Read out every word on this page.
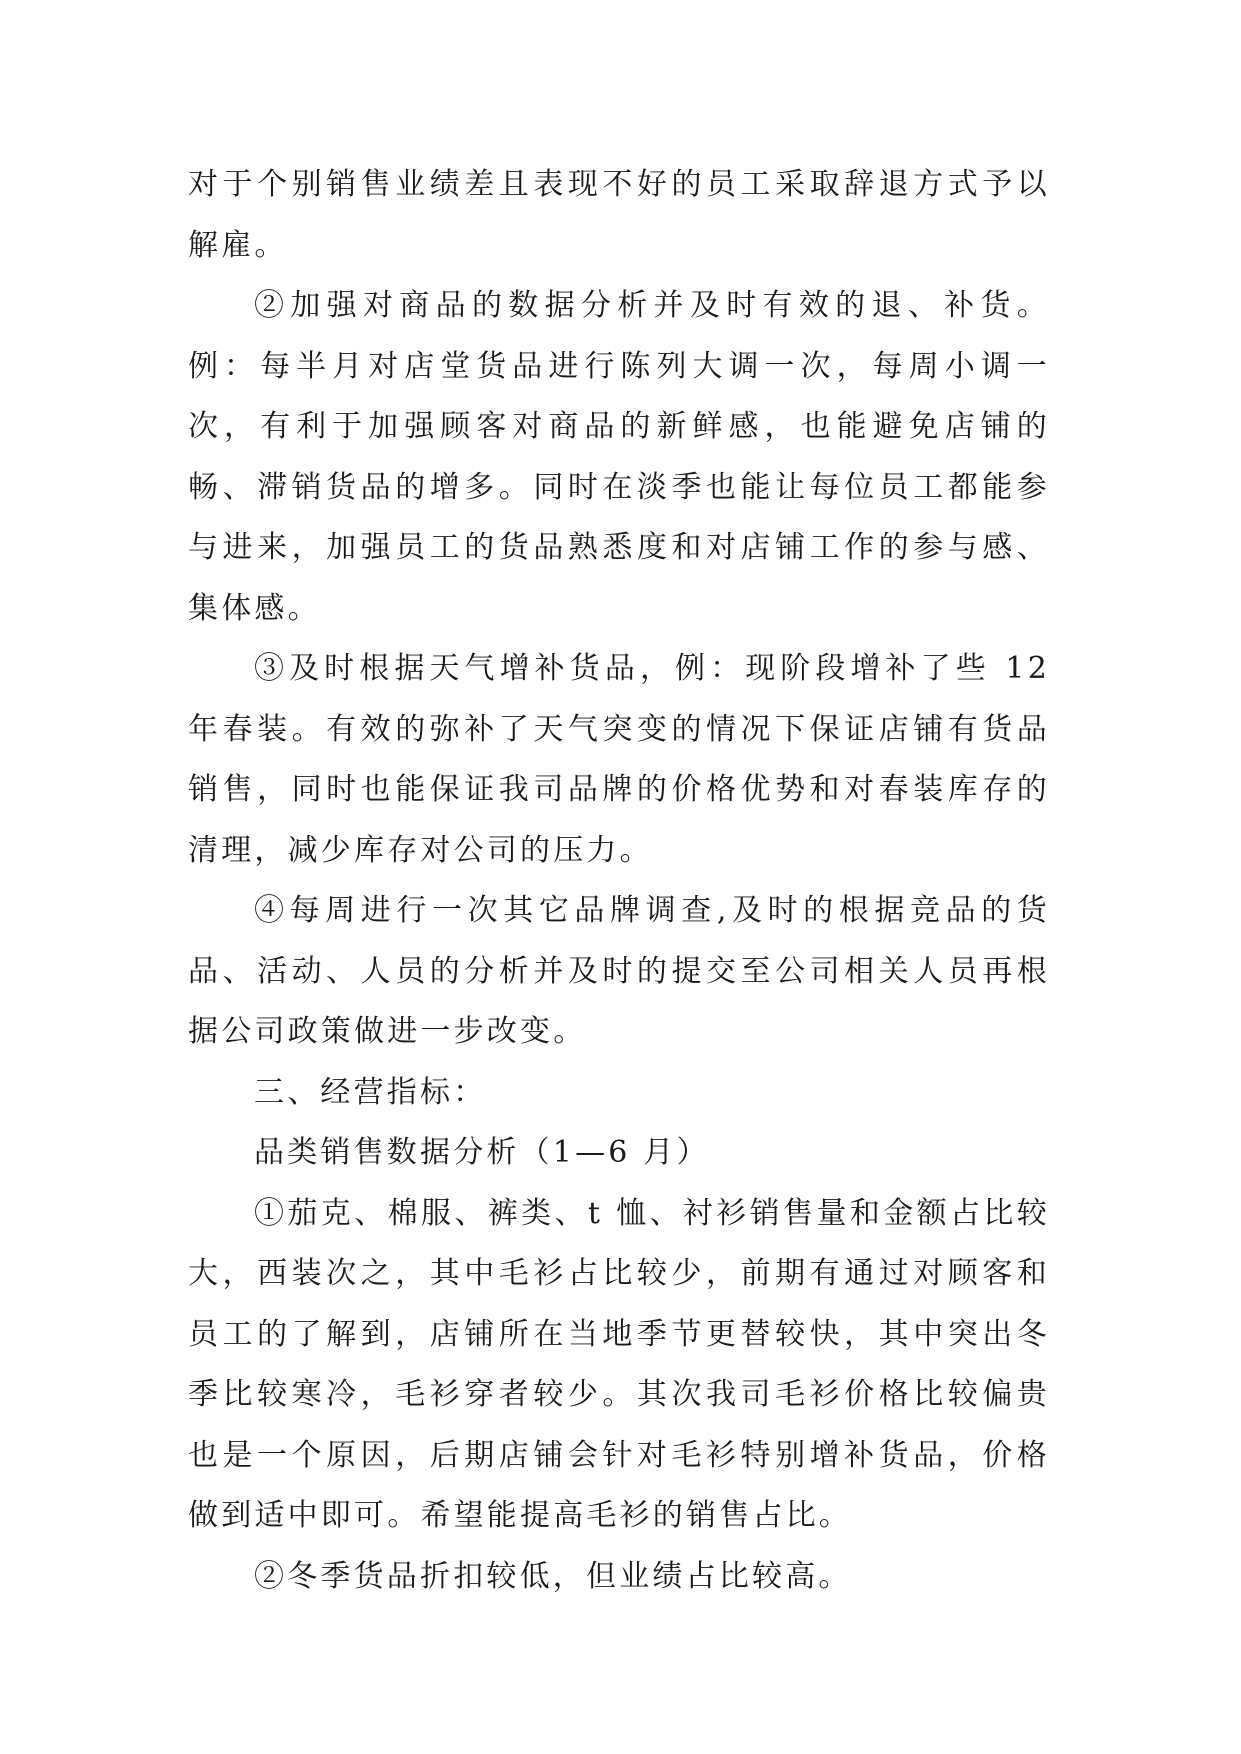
对于个别销售业绩差且表现不好的员工采取辞退方式予以解雇。

②加强对商品的数据分析并及时有效的退、补货。例：每半月对店堂货品进行陈列大调一次，每周小调一次，有利于加强顾客对商品的新鲜感，也能避免店铺的畅、滞销货品的增多。同时在淡季也能让每位员工都能参与进来，加强员工的货品熟悉度和对店铺工作的参与感、集体感。

③及时根据天气增补货品，例：现阶段增补了些 12 年春装。有效的弥补了天气突变的情况下保证店铺有货品销售，同时也能保证我司品牌的价格优势和对春装库存的清理，减少库存对公司的压力。

④每周进行一次其它品牌调查,及时的根据竞品的货品、活动、人员的分析并及时的提交至公司相关人员再根据公司政策做进一步改变。

三、经营指标：

品类销售数据分析（1—6 月）

①茄克、棉服、裤类、t 恤、衬衫销售量和金额占比较大，西装次之，其中毛衫占比较少，前期有通过对顾客和员工的了解到，店铺所在当地季节更替较快，其中突出冬季比较寒冷，毛衫穿者较少。其次我司毛衫价格比较偏贵也是一个原因，后期店铺会针对毛衫特别增补货品，价格做到适中即可。希望能提高毛衫的销售占比。

②冬季货品折扣较低，但业绩占比较高。
